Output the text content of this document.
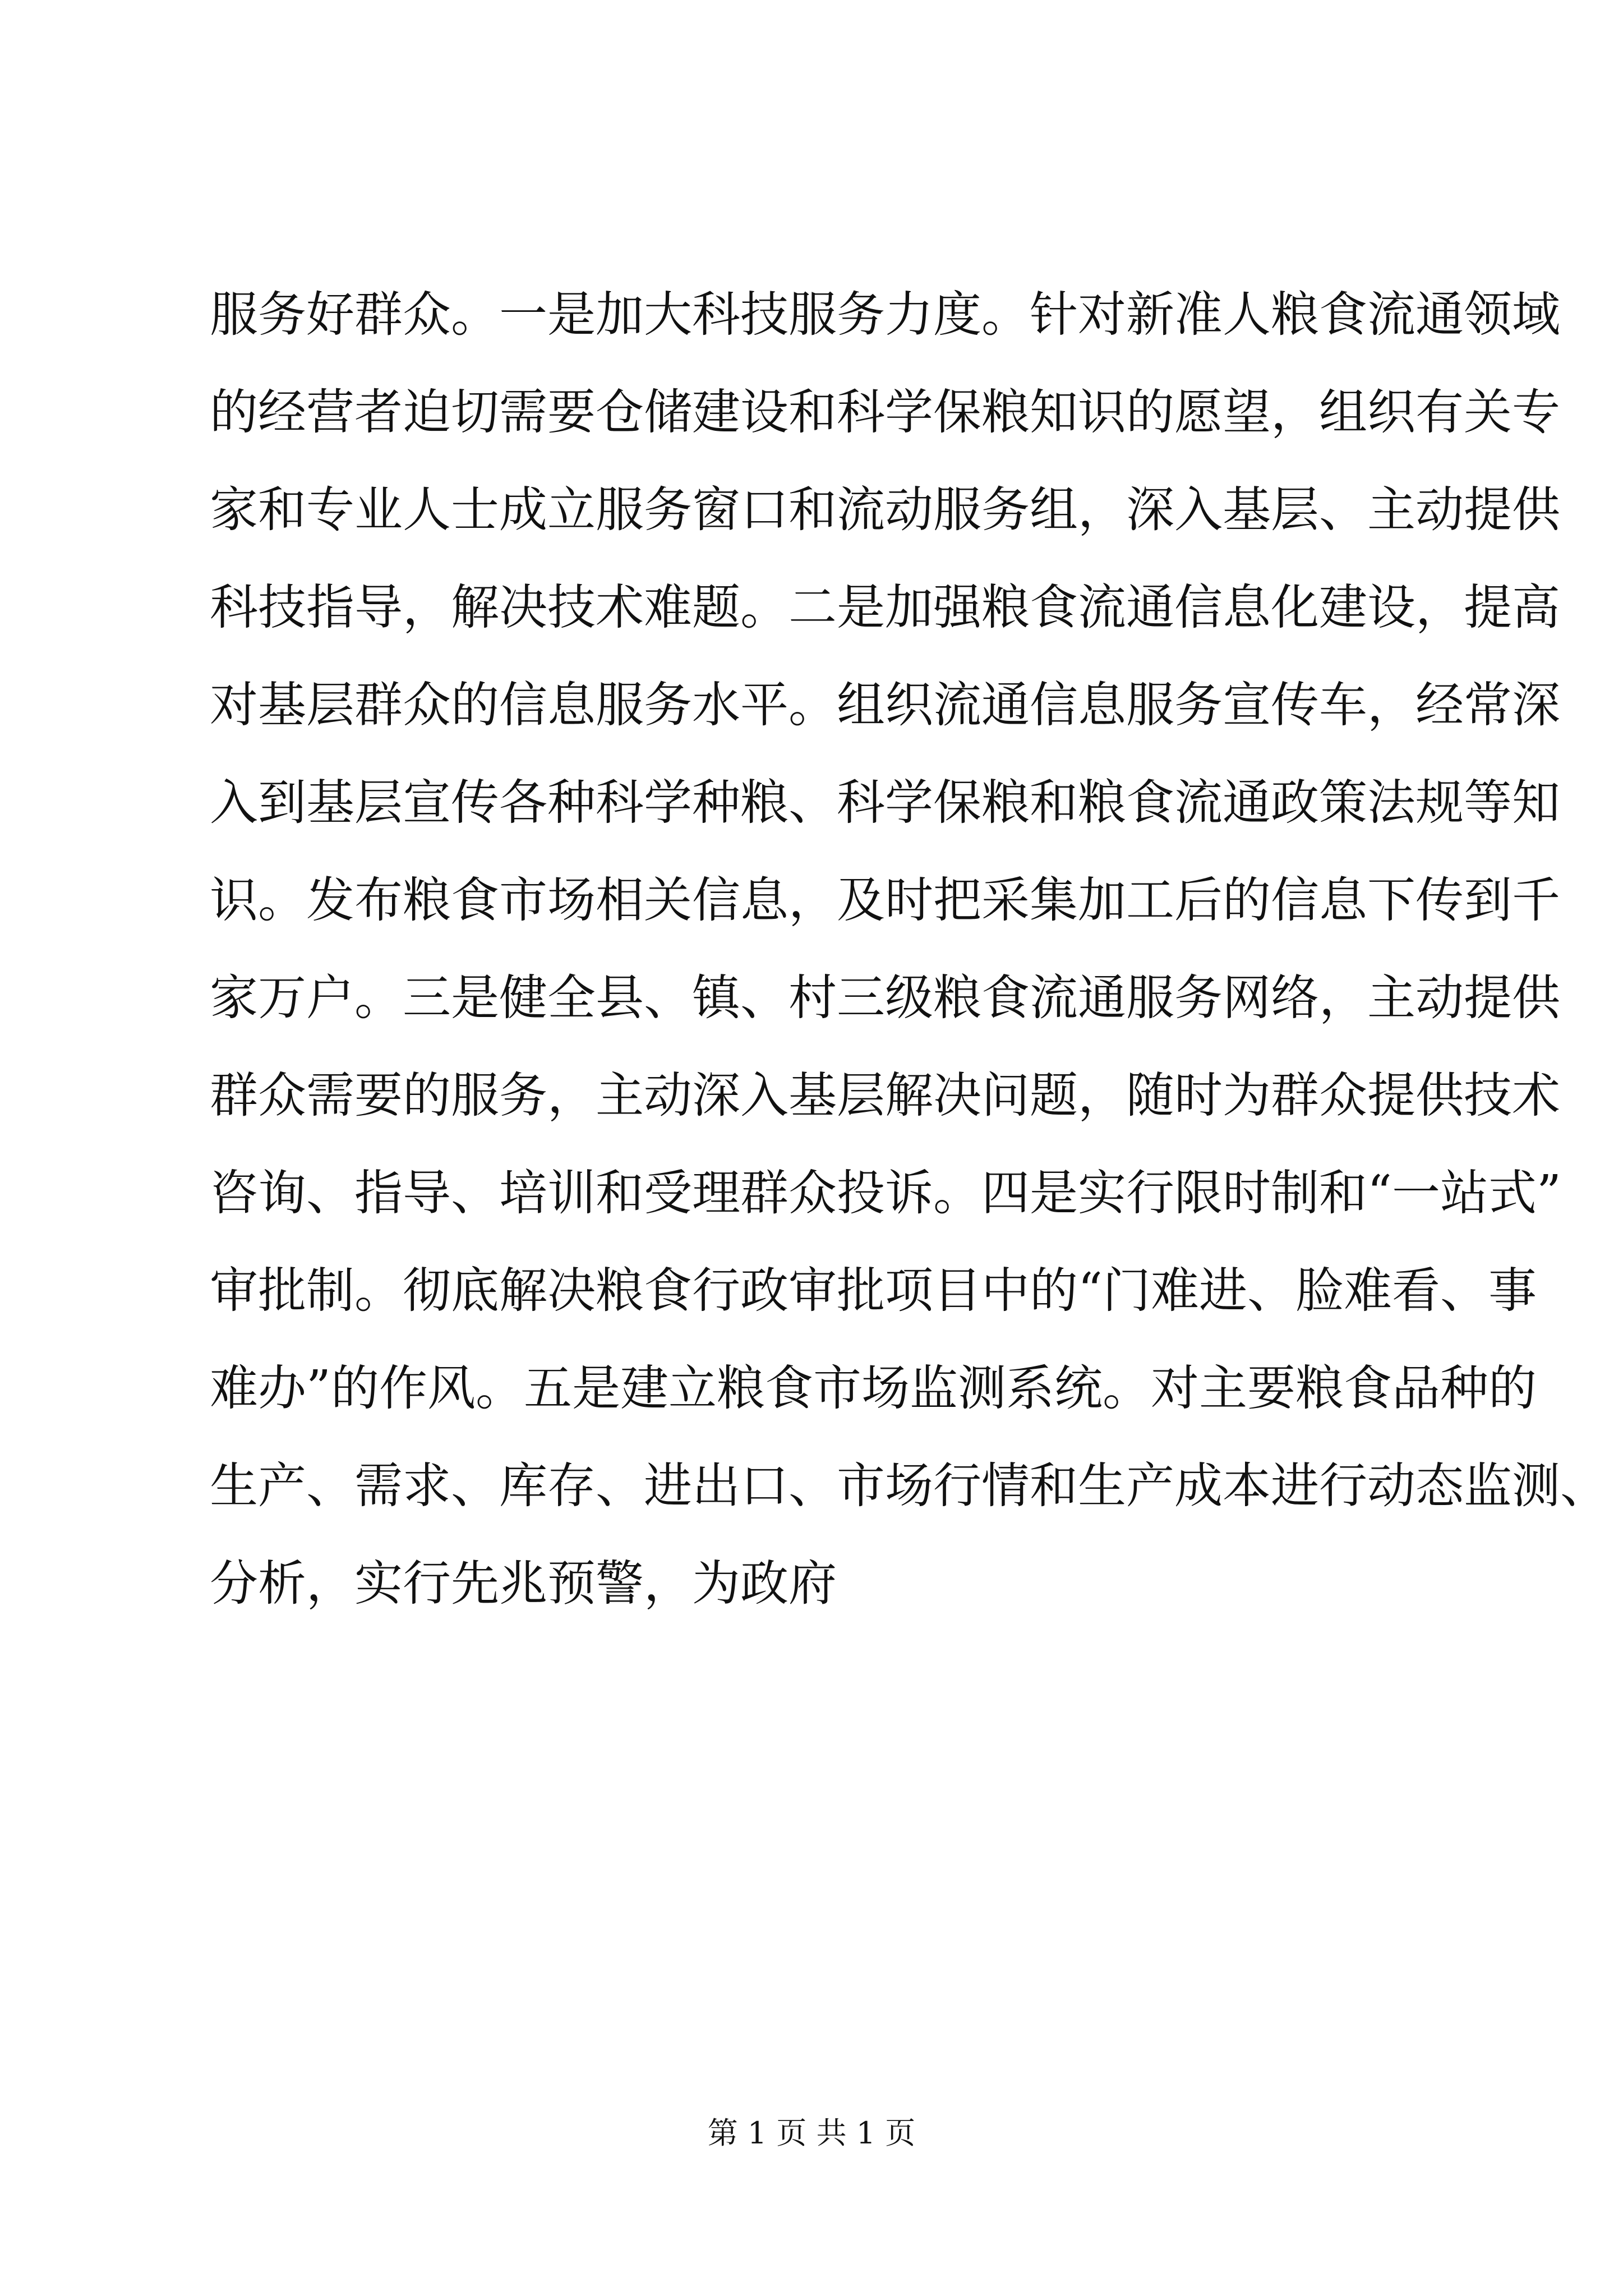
服务好群众。一是加大科技服务力度。针对新准人粮食流通领域
的经营者迫切需要仓储建设和科学保粮知识的愿望，组织有关专
家和专业人士成立服务窗口和流动服务组，深入基层、主动提供
科技指导，解决技术难题。二是加强粮食流通信息化建设，提高
对基层群众的信息服务水平。组织流通信息服务宣传车，经常深
入到基层宣传各种科学种粮、科学保粮和粮食流通政策法规等知
识。发布粮食市场相关信息，及时把采集加工后的信息下传到千
家万户。三是健全县、镇、村三级粮食流通服务网络，主动提供
群众需要的服务，主动深入基层解决问题，随时为群众提供技术
咨询、指导、培训和受理群众投诉。四是实行限时制和“一站式”
审批制。彻底解决粮食行政审批项目中的“门难进、脸难看、事
难办”的作风。五是建立粮食市场监测系统。对主要粮食品种的
生产、需求、库存、进出口、市场行情和生产成本进行动态监测、
分析，实行先兆预警，为政府
第 1 页 共 1 页
